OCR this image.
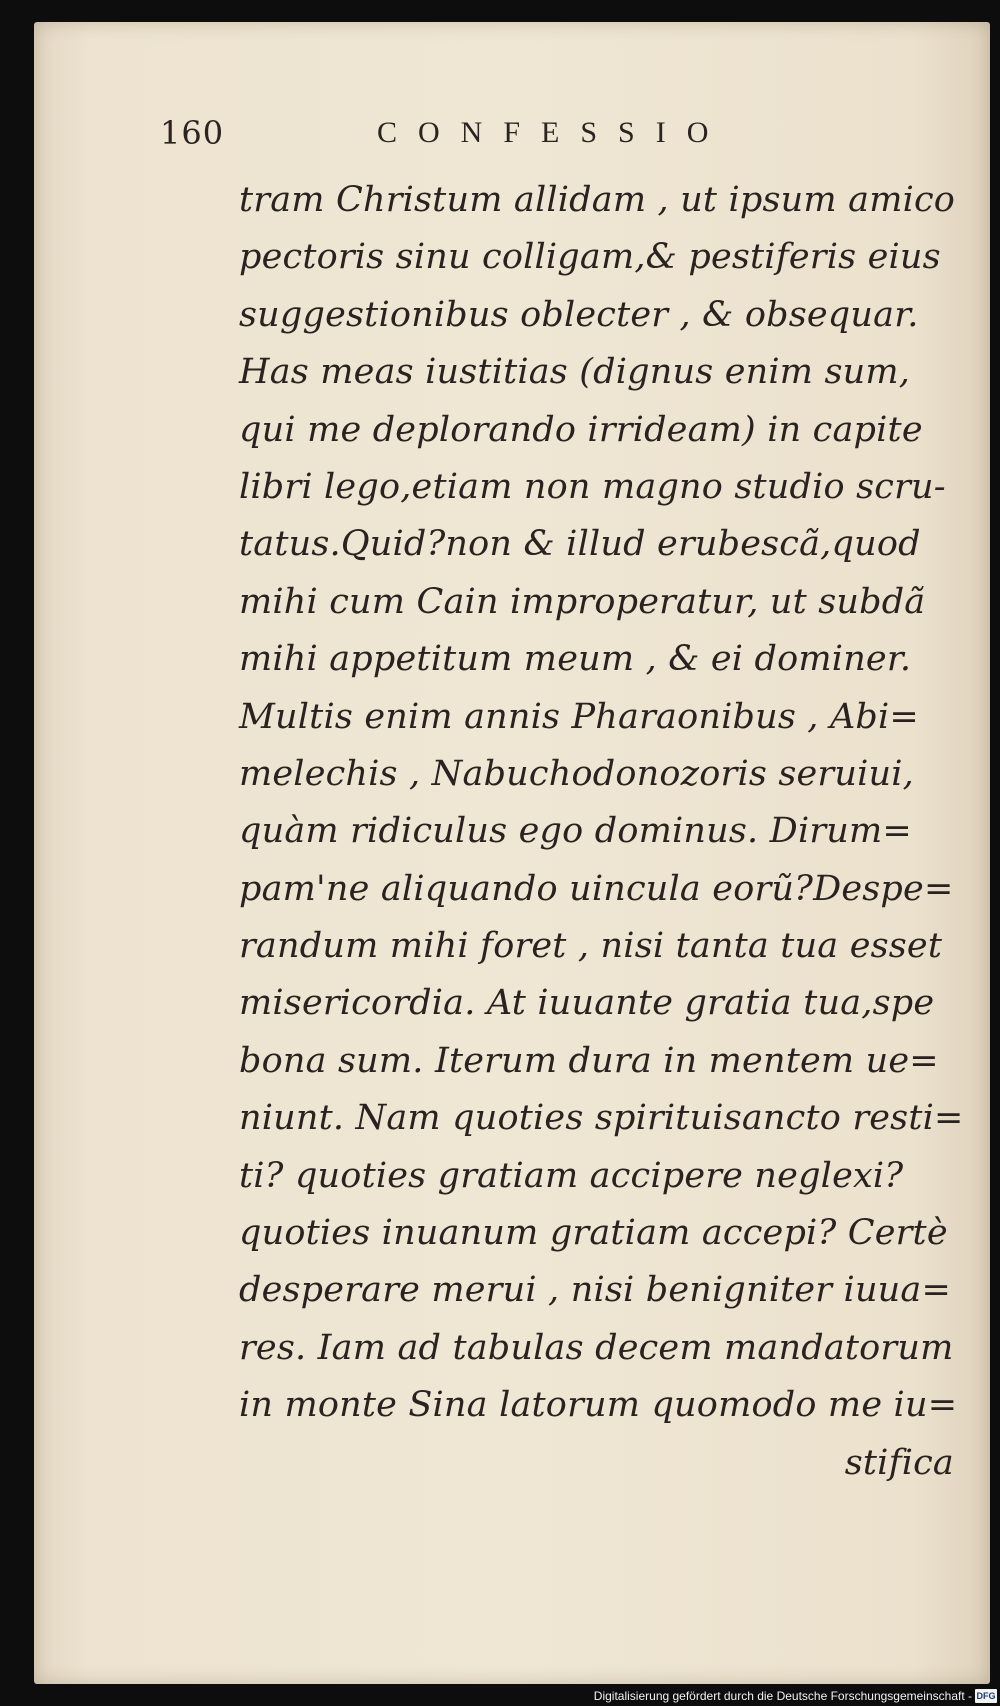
160	CONFESSIO
tram Christum allidam , ut ipsum amico
pectoris sinu colligam,& pestiferis eius
suggestionibus oblecter , & obsequar.
Has meas iustitias (dignus enim sum,
qui me deplorando irrideam) in capite
libri lego,etiam non magno studio scru-
tatus.Quid?non & illud erubescã,quod
mihi cum Cain improperatur, ut subdã
mihi appetitum meum , & ei dominer.
Multis enim annis Pharaonibus , Abi=
melechis , Nabuchodonozoris seruiui,
quàm ridiculus ego dominus. Dirum=
pam'ne aliquando uincula eorũ?Despe=
randum mihi foret , nisi tanta tua esset
misericordia. At iuuante gratia tua,spe
bona sum. Iterum dura in mentem ue=
niunt. Nam quoties spirituisancto resti=
ti? quoties gratiam accipere neglexi?
quoties inuanum gratiam accepi? Certè
desperare merui , nisi benigniter iuua=
res. Iam ad tabulas decem mandatorum
in monte Sina latorum quomodo me iu=
stifica
Digitalisierung gefördert durch die Deutsche Forschungsgemeinschaft - DFG
